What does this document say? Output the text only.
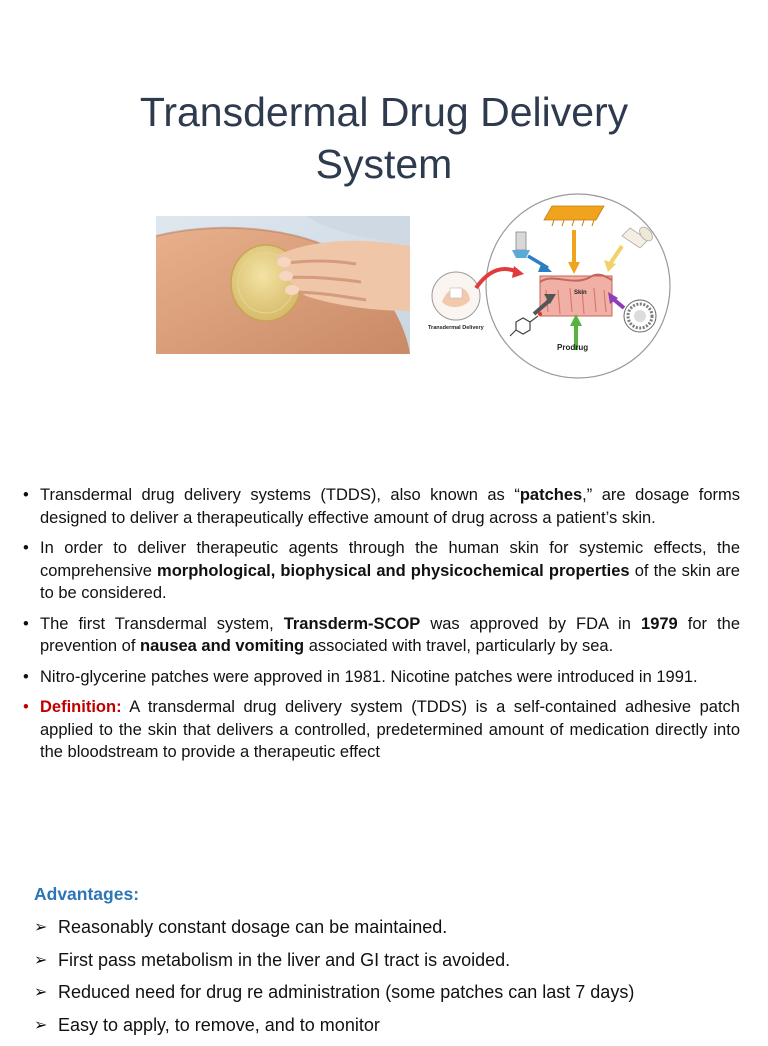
Transdermal Drug Delivery
System
Transdermal Delivery
Skin
Prodrug
• Transdermal drug delivery systems (TDDS), also known as “patches,” are dosage forms designed to deliver a therapeutically effective amount of drug across a patient’s skin.
• In order to deliver therapeutic agents through the human skin for systemic effects, the comprehensive morphological, biophysical and physicochemical properties of the skin are to be considered.
• The first Transdermal system, Transderm-SCOP was approved by FDA in 1979 for the prevention of nausea and vomiting associated with travel, particularly by sea.
• Nitro-glycerine patches were approved in 1981. Nicotine patches were introduced in 1991.
• Definition: A transdermal drug delivery system (TDDS) is a self-contained adhesive patch applied to the skin that delivers a controlled, predetermined amount of medication directly into the bloodstream to provide a therapeutic effect
Advantages:
➢ Reasonably constant dosage can be maintained.
➢ First pass metabolism in the liver and GI tract is avoided.
➢ Reduced need for drug re administration (some patches can last 7 days)
➢ Easy to apply, to remove, and to monitor
